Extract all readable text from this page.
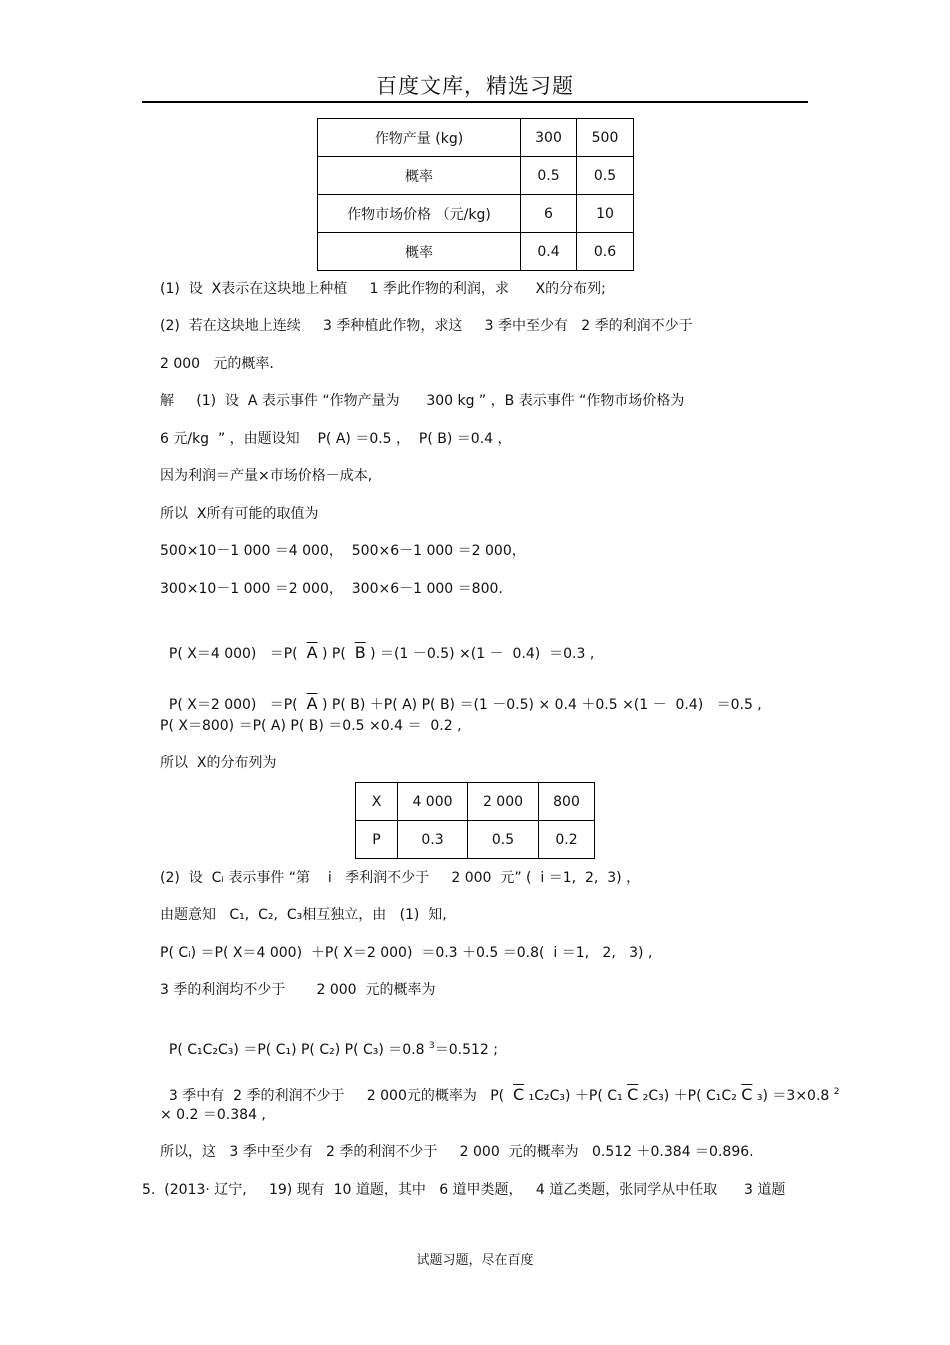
百度文库，精选习题
作物产量 (kg)	300	500
概率	0.5	0.5
作物市场价格 （元/kg)	6	10
概率	0.4	0.6
(1)  设  X表示在这块地上种植     1 季此作物的利润，求      X的分布列;
(2)  若在这块地上连续     3 季种植此作物，求这     3 季中至少有   2 季的利润不少于
2 000   元的概率.
解     (1)  设  A 表示事件 “作物产量为      300 kg ” ，B 表示事件 “作物市场价格为
6 元/kg  ” ，由题设知    P( A) ＝0.5 ，  P( B) ＝0.4 ，
因为利润＝产量×市场价格－成本,
所以  X所有可能的取值为
500×10－1 000 ＝4 000，  500×6－1 000 ＝2 000，
300×10－1 000 ＝2 000，  300×6－1 000 ＝800.

P( X＝4 000)   ＝P(  $\overline{A}$ ) P(  $\overline{B}$ ) ＝(1 －0.5) ×(1 －  0.4)  ＝0.3 ,

P( X＝2 000)   ＝P(  $\overline{A}$ ) P( B) ＋P( A) P( B) ＝(1 －0.5) × 0.4 ＋0.5 ×(1 －  0.4)   ＝0.5 ,

P( X＝800) ＝P( A) P( B) ＝0.5 ×0.4 ＝  0.2 ,
所以  X的分布列为
X	4 000	2 000	800
P	0.3	0.5	0.2
(2)  设  Cᵢ 表示事件 “第    i   季利润不少于     2 000  元” (  i ＝1,  2,  3) ，
由题意知   C₁,  C₂,  C₃相互独立，由   (1)  知,
P( Cᵢ) ＝P( X＝4 000)  ＋P( X＝2 000)  ＝0.3 ＋0.5 ＝0.8(  i ＝1,   2,   3) ,
3 季的利润均不少于       2 000  元的概率为

P( C₁C₂C₃) ＝P( C₁) P( C₂) P( C₃) ＝0.8 $^3$＝0.512 ;

3 季中有  2 季的利润不少于     2 000元的概率为   P(  $\overline{C}$ ₁C₂C₃) ＋P( C₁ $\overline{C}$ ₂C₃) ＋P( C₁C₂ $\overline{C}$ ₃) ＝3×0.8 $^2$

× 0.2 ＝0.384 ,
所以，这   3 季中至少有   2 季的利润不少于     2 000  元的概率为   0.512 ＋0.384 ＝0.896.
5.  (2013· 辽宁,     19) 现有  10 道题，其中   6 道甲类题，   4 道乙类题，张同学从中任取      3 道题
试题习题，尽在百度
